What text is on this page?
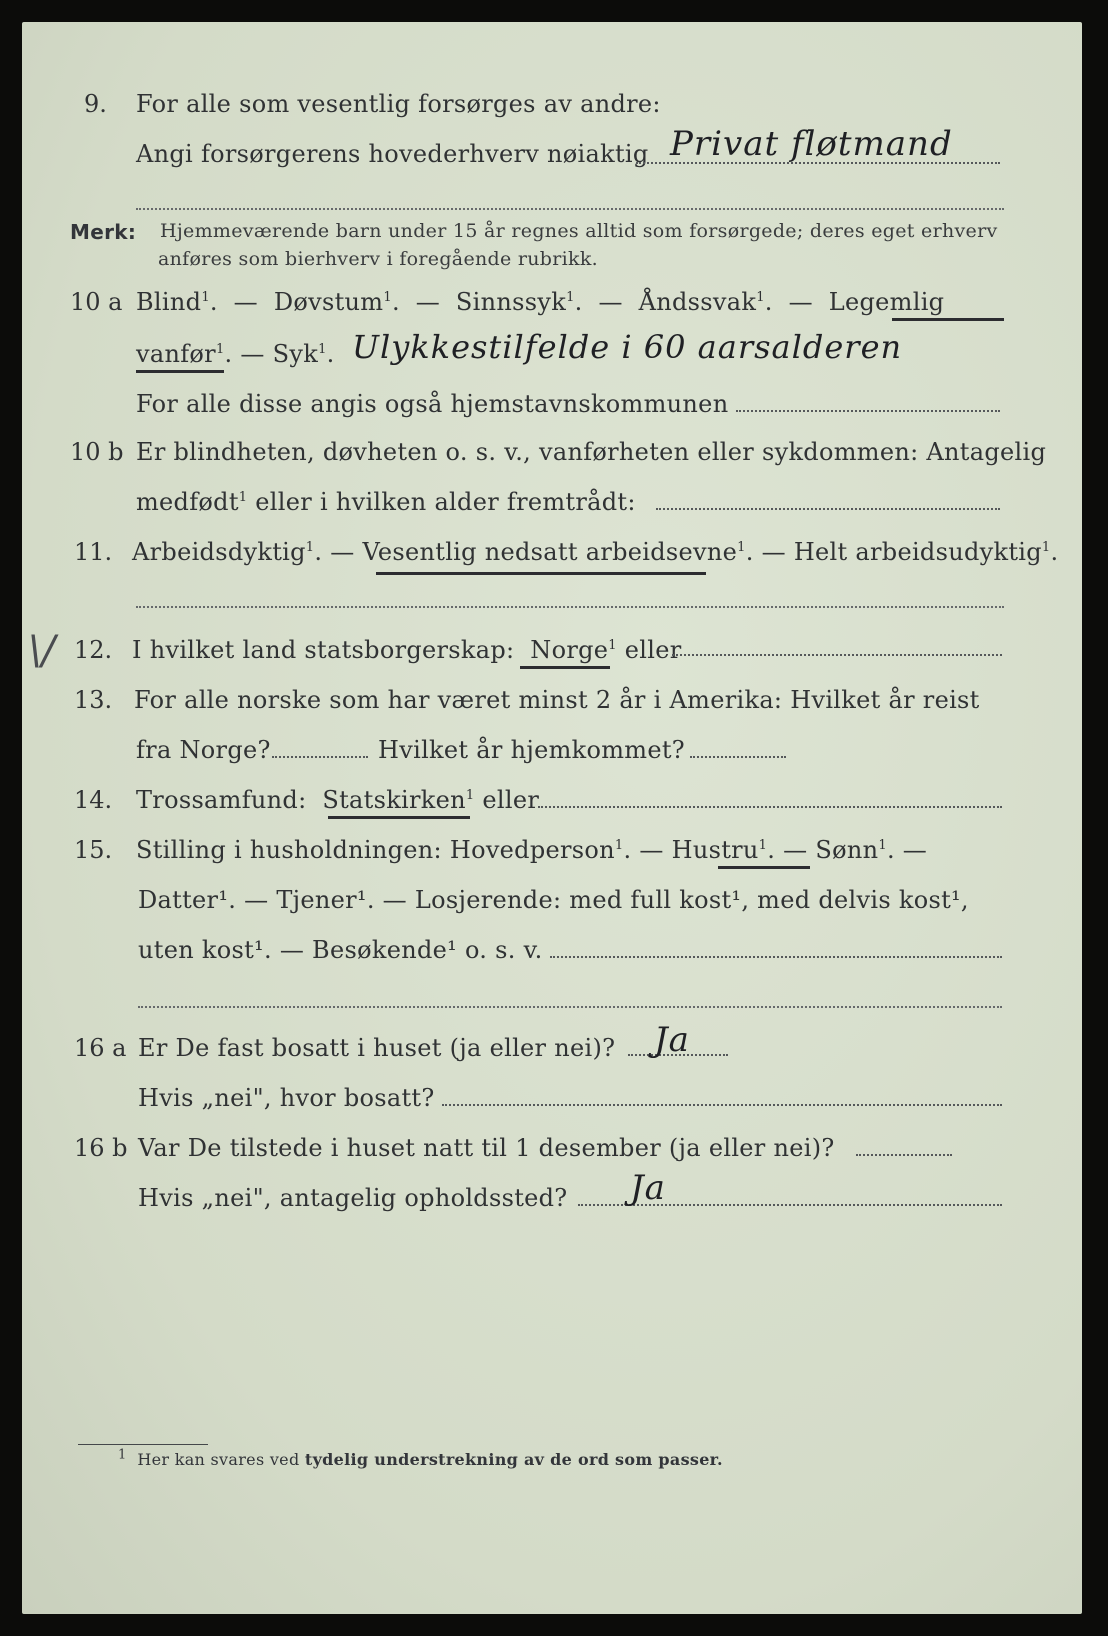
9. For alle som vesentlig forsørges av andre:
Angi forsørgerens hovederhverv nøiaktig Privat fløtmand
Merk: Hjemmeværende barn under 15 år regnes alltid som forsørgede; deres eget erhverv
anføres som bierhverv i foregående rubrikk.
10 a Blind$^1$.  —  Døvstum$^1$.  —  Sinnssyk$^1$.  —  Åndssvak$^1$.  —  Legemlig
vanfør$^1$. — Syk$^1$. Ulykkestilfelde i 60 aarsalderen
For alle disse angis også hjemstavnskommunen
10 b Er blindheten, døvheten o. s. v., vanførheten eller sykdommen: Antagelig
medfødt$^1$ eller i hvilken alder fremtrådt:
11. Arbeidsdyktig$^1$. — Vesentlig nedsatt arbeidsevne$^1$. — Helt arbeidsudyktig$^1$.
\/ 12. I hvilket land statsborgerskap: Norge$^1$ eller
13. For alle norske som har været minst 2 år i Amerika: Hvilket år reist
fra Norge?	Hvilket år hjemkommet?
14. Trossamfund: Statskirken$^1$ eller
15. Stilling i husholdningen: Hovedperson$^1$. — Hustru$^1$. — Sønn$^1$. —
Datter¹. — Tjener¹. — Losjerende: med full kost¹, med delvis kost¹,
uten kost¹. — Besøkende¹ o. s. v.
16 a Er De fast bosatt i huset (ja eller nei)? Ja
Hvis „nei", hvor bosatt?
16 b Var De tilstede i huset natt til 1 desember (ja eller nei)?
Hvis „nei", antagelig opholdssted? Ja
$^1$ Her kan svares ved tydelig understrekning av de ord som passer.
